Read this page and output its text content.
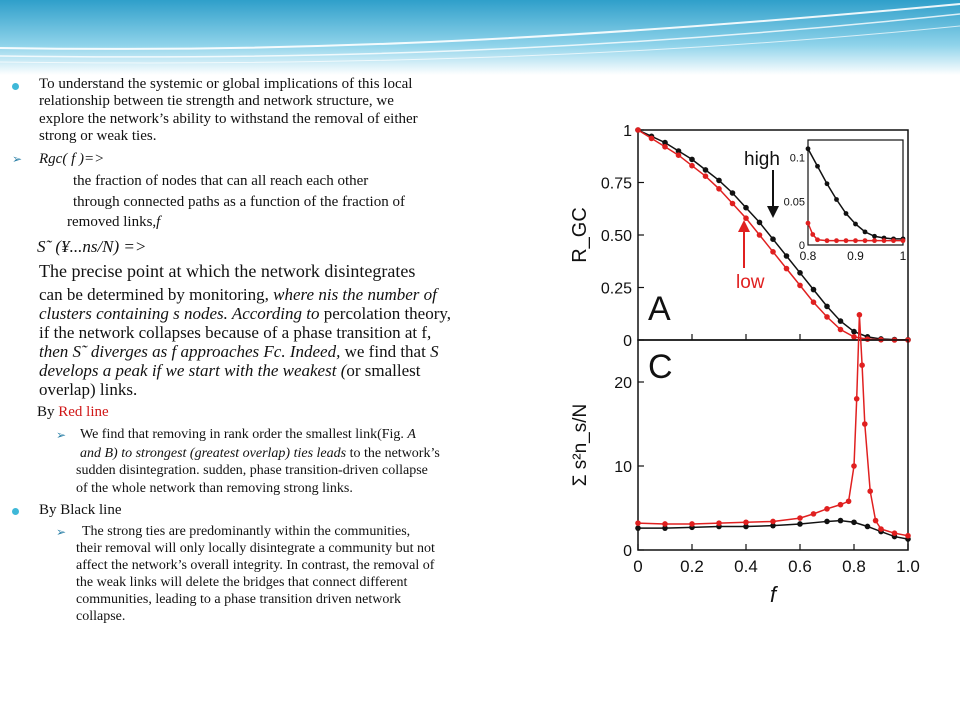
To understand the systemic or global implications of this local
relationship between tie strength and network structure, we
explore the network’s ability to withstand the removal of either
strong or weak ties.
➢ Rgc( f )=>
the fraction of nodes that can all reach each other
through connected paths as a function of the fraction of
removed links,f
S˜ (¥...ns/N) =>
The precise point at which the network disintegrates
can be determined by monitoring, where nis the number of
clusters containing s nodes. According to percolation theory,
if the network collapses because of a phase transition at f,
then S˜ diverges as f approaches Fc. Indeed, we find that S
develops a peak if we start with the weakest (or smallest
overlap) links.
By Red line
➢ We find that removing in rank order the smallest link(Fig. A
and B) to strongest (greatest overlap) ties leads to the network’s
sudden disintegration. sudden, phase transition-driven collapse
of the whole network than removing strong links.
By Black line
➢ The strong ties are predominantly within the communities,
their removal will only locally disintegrate a community but not
affect the network’s overall integrity. In contrast, the removal of
the weak links will delete the bridges that connect different
communities, leading to a phase transition driven network
collapse.
0
0.25
0.50
0.75
1
R_GC
A
high
low
0
0.05
0.1
0.8	0.9	1
0
10
20
0 0.2 0.4 0.6 0.8 1.0
f
Σ s²n_s/N
C
